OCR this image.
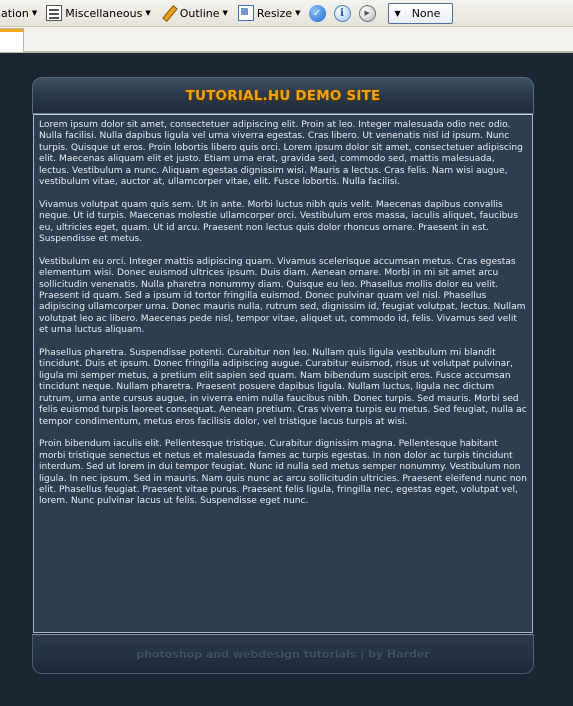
ation ▼	Miscellaneous ▼	Outline ▼	Resize ▼	✓	i	▶	▼ None
TUTORIAL.HU DEMO SITE

Lorem ipsum dolor sit amet, consectetuer adipiscing elit. Proin at leo. Integer malesuada odio nec odio. Nulla facilisi. Nulla dapibus ligula vel urna viverra egestas. Cras libero. Ut venenatis nisl id ipsum. Nunc turpis. Quisque ut eros. Proin lobortis libero quis orci. Lorem ipsum dolor sit amet, consectetuer adipiscing elit. Maecenas aliquam elit et justo. Etiam urna erat, gravida sed, commodo sed, mattis malesuada, lectus. Vestibulum a nunc. Aliquam egestas dignissim wisi. Mauris a lectus. Cras felis. Nam wisi augue, vestibulum vitae, auctor at, ullamcorper vitae, elit. Fusce lobortis. Nulla facilisi.

Vivamus volutpat quam quis sem. Ut in ante. Morbi luctus nibh quis velit. Maecenas dapibus convallis neque. Ut id turpis. Maecenas molestie ullamcorper orci. Vestibulum eros massa, iaculis aliquet, faucibus eu, ultricies eget, quam. Ut id arcu. Praesent non lectus quis dolor rhoncus ornare. Praesent in est. Suspendisse et metus.

Vestibulum eu orci. Integer mattis adipiscing quam. Vivamus scelerisque accumsan metus. Cras egestas elementum wisi. Donec euismod ultrices ipsum. Duis diam. Aenean ornare. Morbi in mi sit amet arcu sollicitudin venenatis. Nulla pharetra nonummy diam. Quisque eu leo. Phasellus mollis dolor eu velit. Praesent id quam. Sed a ipsum id tortor fringilla euismod. Donec pulvinar quam vel nisl. Phasellus adipiscing ullamcorper urna. Donec mauris nulla, rutrum sed, dignissim id, feugiat volutpat, lectus. Nullam volutpat leo ac libero. Maecenas pede nisl, tempor vitae, aliquet ut, commodo id, felis. Vivamus sed velit et urna luctus aliquam.

Phasellus pharetra. Suspendisse potenti. Curabitur non leo. Nullam quis ligula vestibulum mi blandit tincidunt. Duis et ipsum. Donec fringilla adipiscing augue. Curabitur euismod, risus ut volutpat pulvinar, ligula mi semper metus, a pretium elit sapien sed quam. Nam bibendum suscipit eros. Fusce accumsan tincidunt neque. Nullam pharetra. Praesent posuere dapibus ligula. Nullam luctus, ligula nec dictum rutrum, urna ante cursus augue, in viverra enim nulla faucibus nibh. Donec turpis. Sed mauris. Morbi sed felis euismod turpis laoreet consequat. Aenean pretium. Cras viverra turpis eu metus. Sed feugiat, nulla ac tempor condimentum, metus eros facilisis dolor, vel tristique lacus turpis at wisi.

Proin bibendum iaculis elit. Pellentesque tristique. Curabitur dignissim magna. Pellentesque habitant morbi tristique senectus et netus et malesuada fames ac turpis egestas. In non dolor ac turpis tincidunt interdum. Sed ut lorem in dui tempor feugiat. Nunc id nulla sed metus semper nonummy. Vestibulum non ligula. In nec ipsum. Sed in mauris. Nam quis nunc ac arcu sollicitudin ultricies. Praesent eleifend nunc non elit. Phasellus feugiat. Praesent vitae purus. Praesent felis ligula, fringilla nec, egestas eget, volutpat vel, lorem. Nunc pulvinar lacus ut felis. Suspendisse eget nunc.

photoshop and webdesign tutorials | by Harder
